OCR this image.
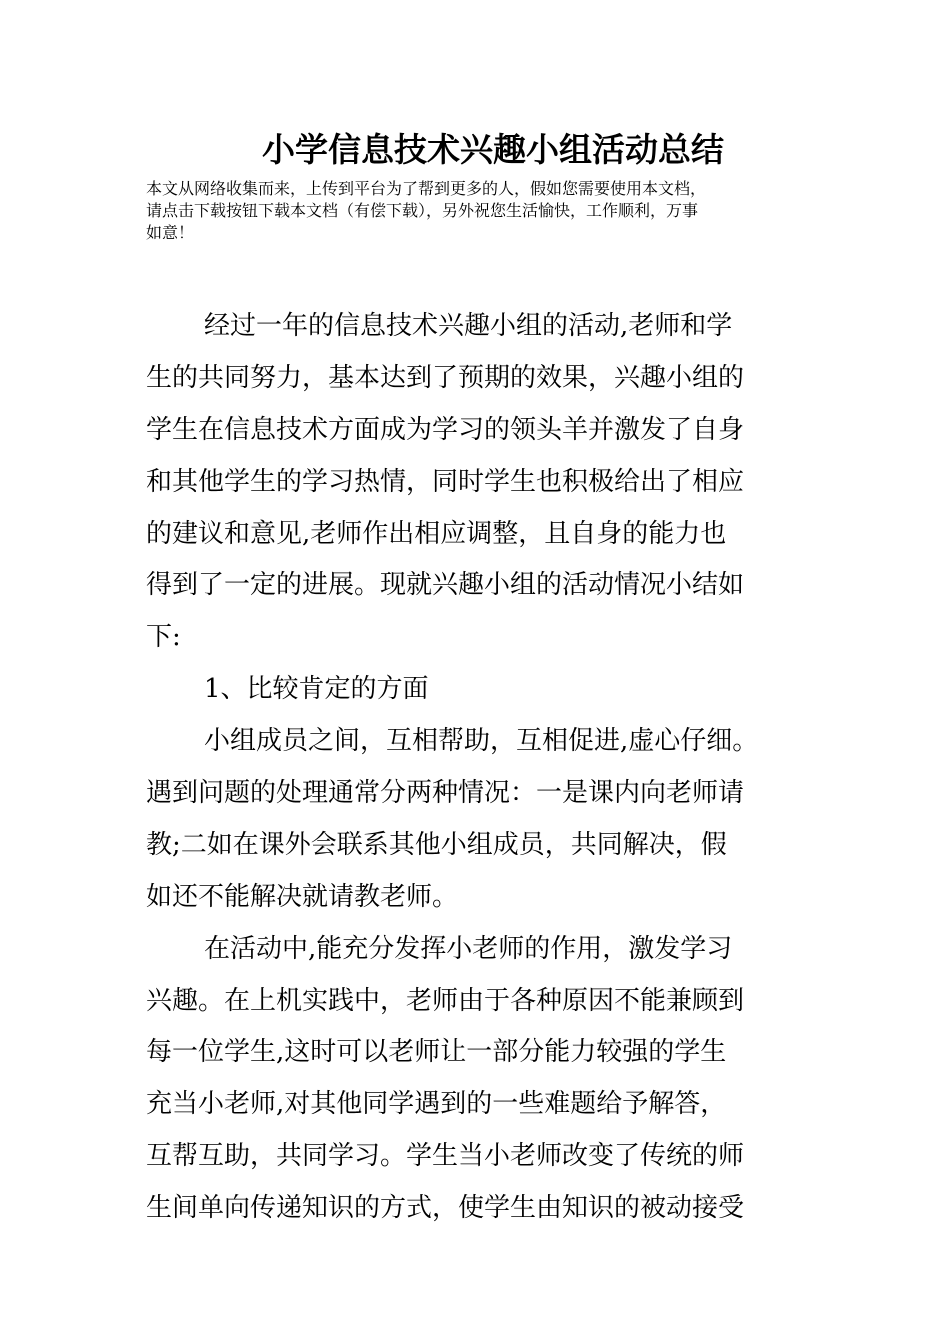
小学信息技术兴趣小组活动总结
本文从网络收集而来，上传到平台为了帮到更多的人，假如您需要使用本文档，
请点击下载按钮下载本文档（有偿下载），另外祝您生活愉快，工作顺利，万事
如意！
经过一年的信息技术兴趣小组的活动,老师和学
生的共同努力，基本达到了预期的效果，兴趣小组的
学生在信息技术方面成为学习的领头羊并激发了自身
和其他学生的学习热情，同时学生也积极给出了相应
的建议和意见,老师作出相应调整，且自身的能力也
得到了一定的进展。现就兴趣小组的活动情况小结如
下:
1、比较肯定的方面
小组成员之间，互相帮助，互相促进,虚心仔细。
遇到问题的处理通常分两种情况：一是课内向老师请
教;二如在课外会联系其他小组成员，共同解决，假
如还不能解决就请教老师。
在活动中,能充分发挥小老师的作用，激发学习
兴趣。在上机实践中，老师由于各种原因不能兼顾到
每一位学生,这时可以老师让一部分能力较强的学生
充当小老师,对其他同学遇到的一些难题给予解答，
互帮互助，共同学习。学生当小老师改变了传统的师
生间单向传递知识的方式，使学生由知识的被动接受
